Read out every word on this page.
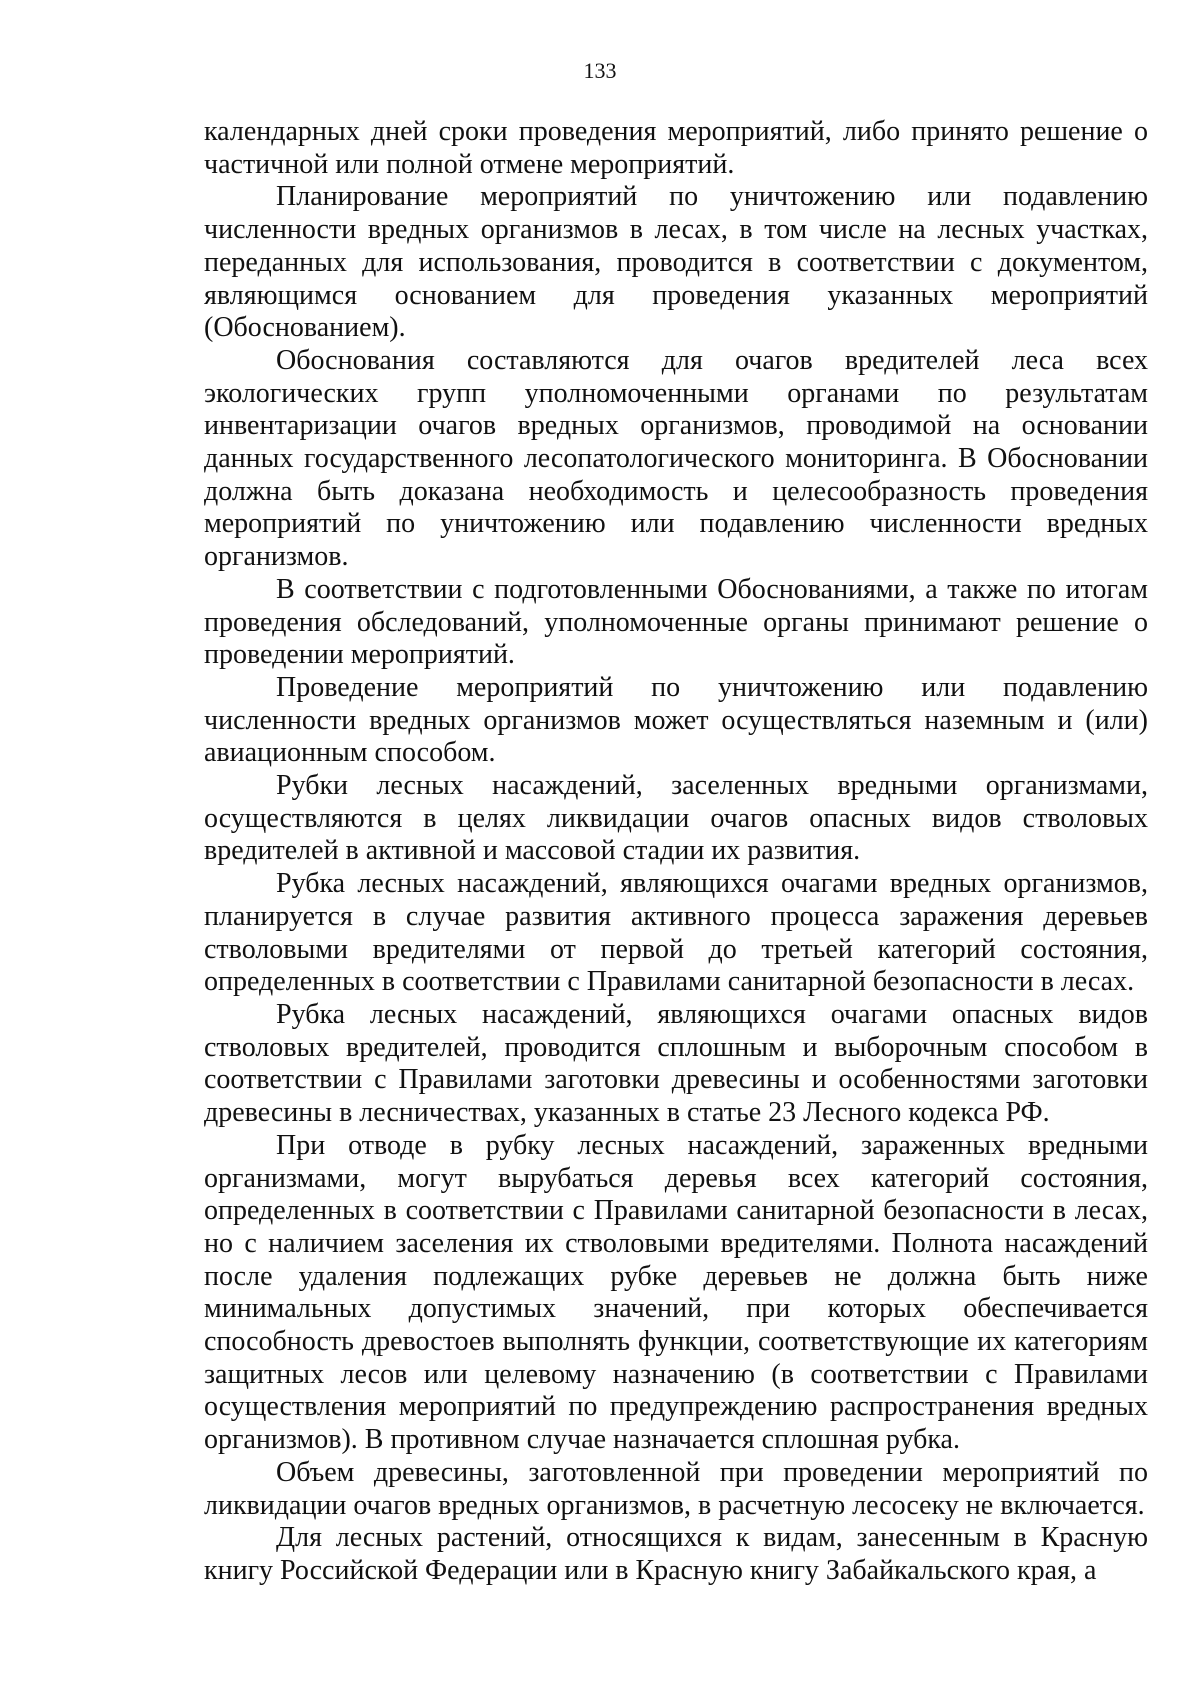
133

календарных дней сроки проведения мероприятий, либо принято решение о частичной или полной отмене мероприятий.

Планирование мероприятий по уничтожению или подавлению численности вредных организмов в лесах, в том числе на лесных участках, переданных для использования, проводится в соответствии с документом, являющимся основанием для проведения указанных мероприятий (Обоснованием).

Обоснования составляются для очагов вредителей леса всех экологических групп уполномоченными органами по результатам инвентаризации очагов вредных организмов, проводимой на основании данных государственного лесопатологического мониторинга. В Обосновании должна быть доказана необходимость и целесообразность проведения мероприятий по уничтожению или подавлению численности вредных организмов.

В соответствии с подготовленными Обоснованиями, а также по итогам проведения обследований, уполномоченные органы принимают решение о проведении мероприятий.

Проведение мероприятий по уничтожению или подавлению численности вредных организмов может осуществляться наземным и (или) авиационным способом.

Рубки лесных насаждений, заселенных вредными организмами, осуществляются в целях ликвидации очагов опасных видов стволовых вредителей в активной и массовой стадии их развития.

Рубка лесных насаждений, являющихся очагами вредных организмов, планируется в случае развития активного процесса заражения деревьев стволовыми вредителями от первой до третьей категорий состояния, определенных в соответствии с Правилами санитарной безопасности в лесах.

Рубка лесных насаждений, являющихся очагами опасных видов стволовых вредителей, проводится сплошным и выборочным способом в соответствии с Правилами заготовки древесины и особенностями заготовки древесины в лесничествах, указанных в статье 23 Лесного кодекса РФ.

При отводе в рубку лесных насаждений, зараженных вредными организмами, могут вырубаться деревья всех категорий состояния, определенных в соответствии с Правилами санитарной безопасности в лесах, но с наличием заселения их стволовыми вредителями. Полнота насаждений после удаления подлежащих рубке деревьев не должна быть ниже минимальных допустимых значений, при которых обеспечивается способность древостоев выполнять функции, соответствующие их категориям защитных лесов или целевому назначению (в соответствии с Правилами осуществления мероприятий по предупреждению распространения вредных организмов). В противном случае назначается сплошная рубка.

Объем древесины, заготовленной при проведении мероприятий по ликвидации очагов вредных организмов, в расчетную лесосеку не включается.

Для лесных растений, относящихся к видам, занесенным в Красную книгу Российской Федерации или в Красную книгу Забайкальского края, а
